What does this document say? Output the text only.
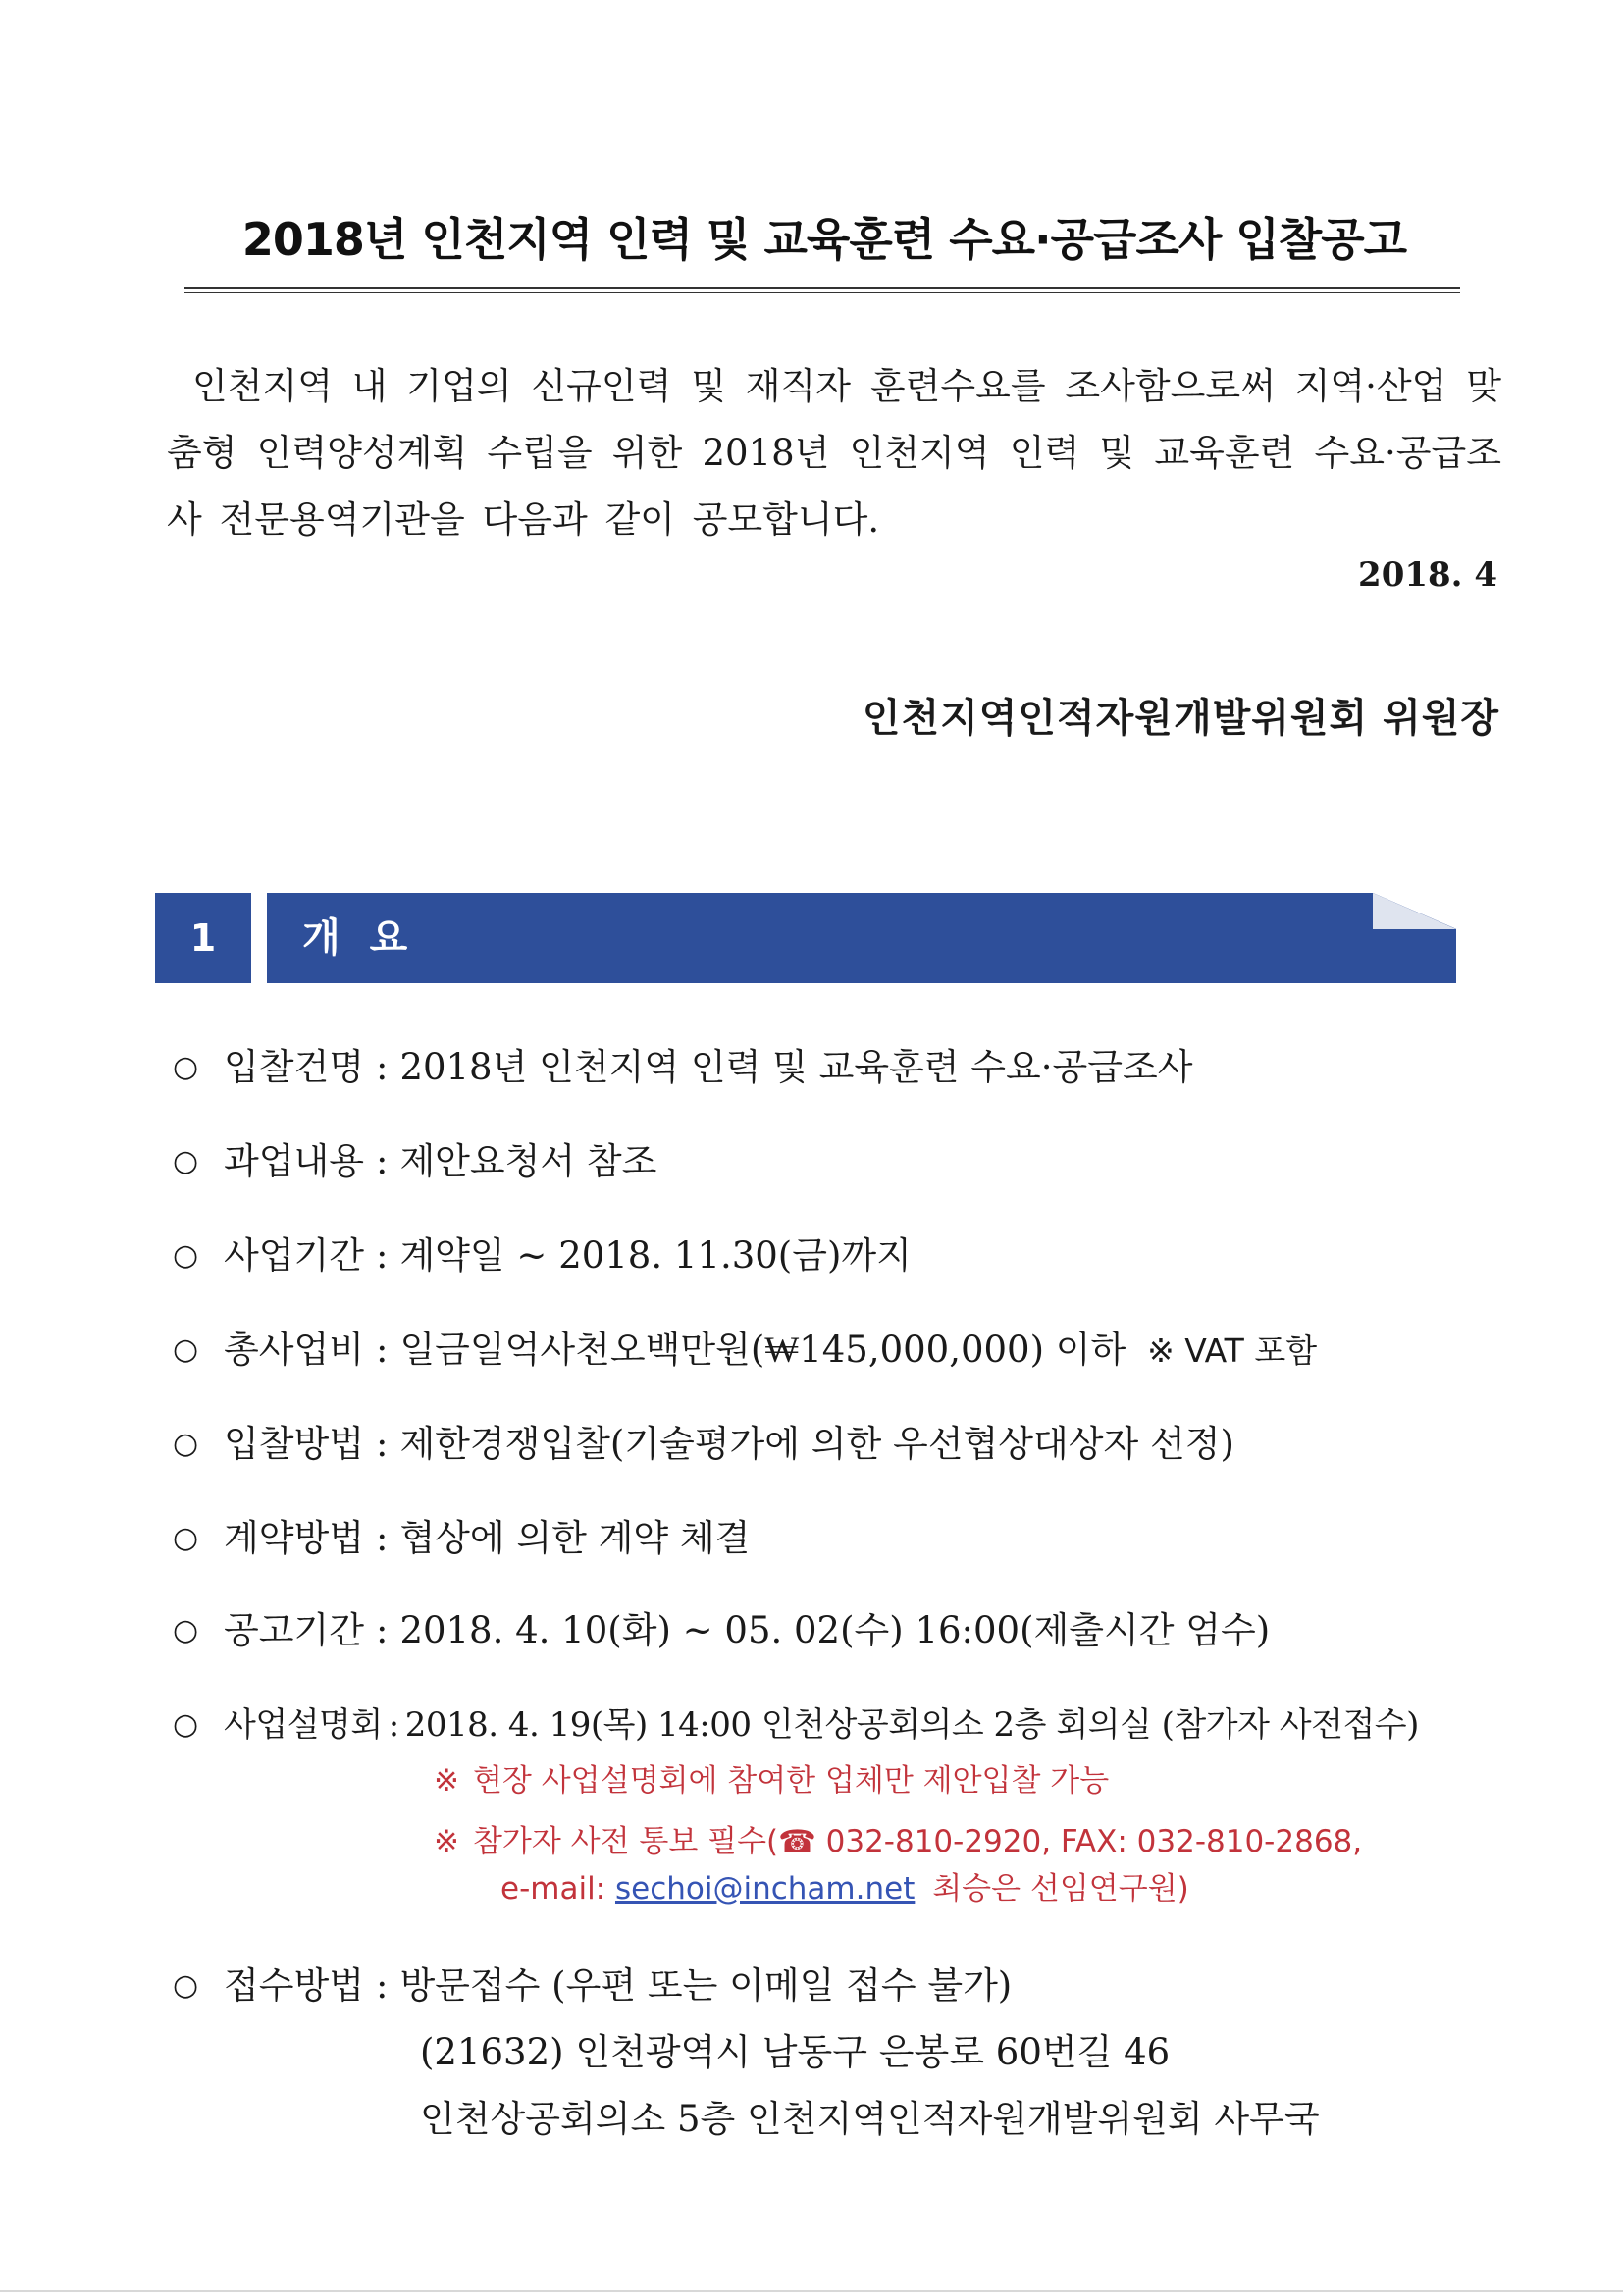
2018년 인천지역 인력 및 교육훈련 수요·공급조사 입찰공고

인천지역 내 기업의 신규인력 및 재직자 훈련수요를 조사함으로써 지역·산업 맞춤형 인력양성계획 수립을 위한 2018년 인천지역 인력 및 교육훈련 수요·공급조사 전문용역기관을 다음과 같이 공모합니다.

2018. 4
인천지역인적자원개발위원회 위원장
1	개 요
○ 입찰건명 : 2018년 인천지역 인력 및 교육훈련 수요·공급조사
○ 과업내용 : 제안요청서 참조
○ 사업기간 : 계약일 ~ 2018. 11.30(금)까지
○ 총사업비 : 일금일억사천오백만원(₩145,000,000) 이하 ※ VAT 포함
○ 입찰방법 : 제한경쟁입찰(기술평가에 의한 우선협상대상자 선정)
○ 계약방법 : 협상에 의한 계약 체결
○ 공고기간 : 2018. 4. 10(화) ~ 05. 02(수) 16:00(제출시간 엄수)
○ 사업설명회 : 2018. 4. 19(목) 14:00 인천상공회의소 2층 회의실 (참가자 사전접수)
※ 현장 사업설명회에 참여한 업체만 제안입찰 가능
※ 참가자 사전 통보 필수(☎ 032-810-2920, FAX: 032-810-2868,
e-mail: sechoi@incham.net 최승은 선임연구원)
○ 접수방법 : 방문접수 (우편 또는 이메일 접수 불가)
(21632) 인천광역시 남동구 은봉로 60번길 46
인천상공회의소 5층 인천지역인적자원개발위원회 사무국
